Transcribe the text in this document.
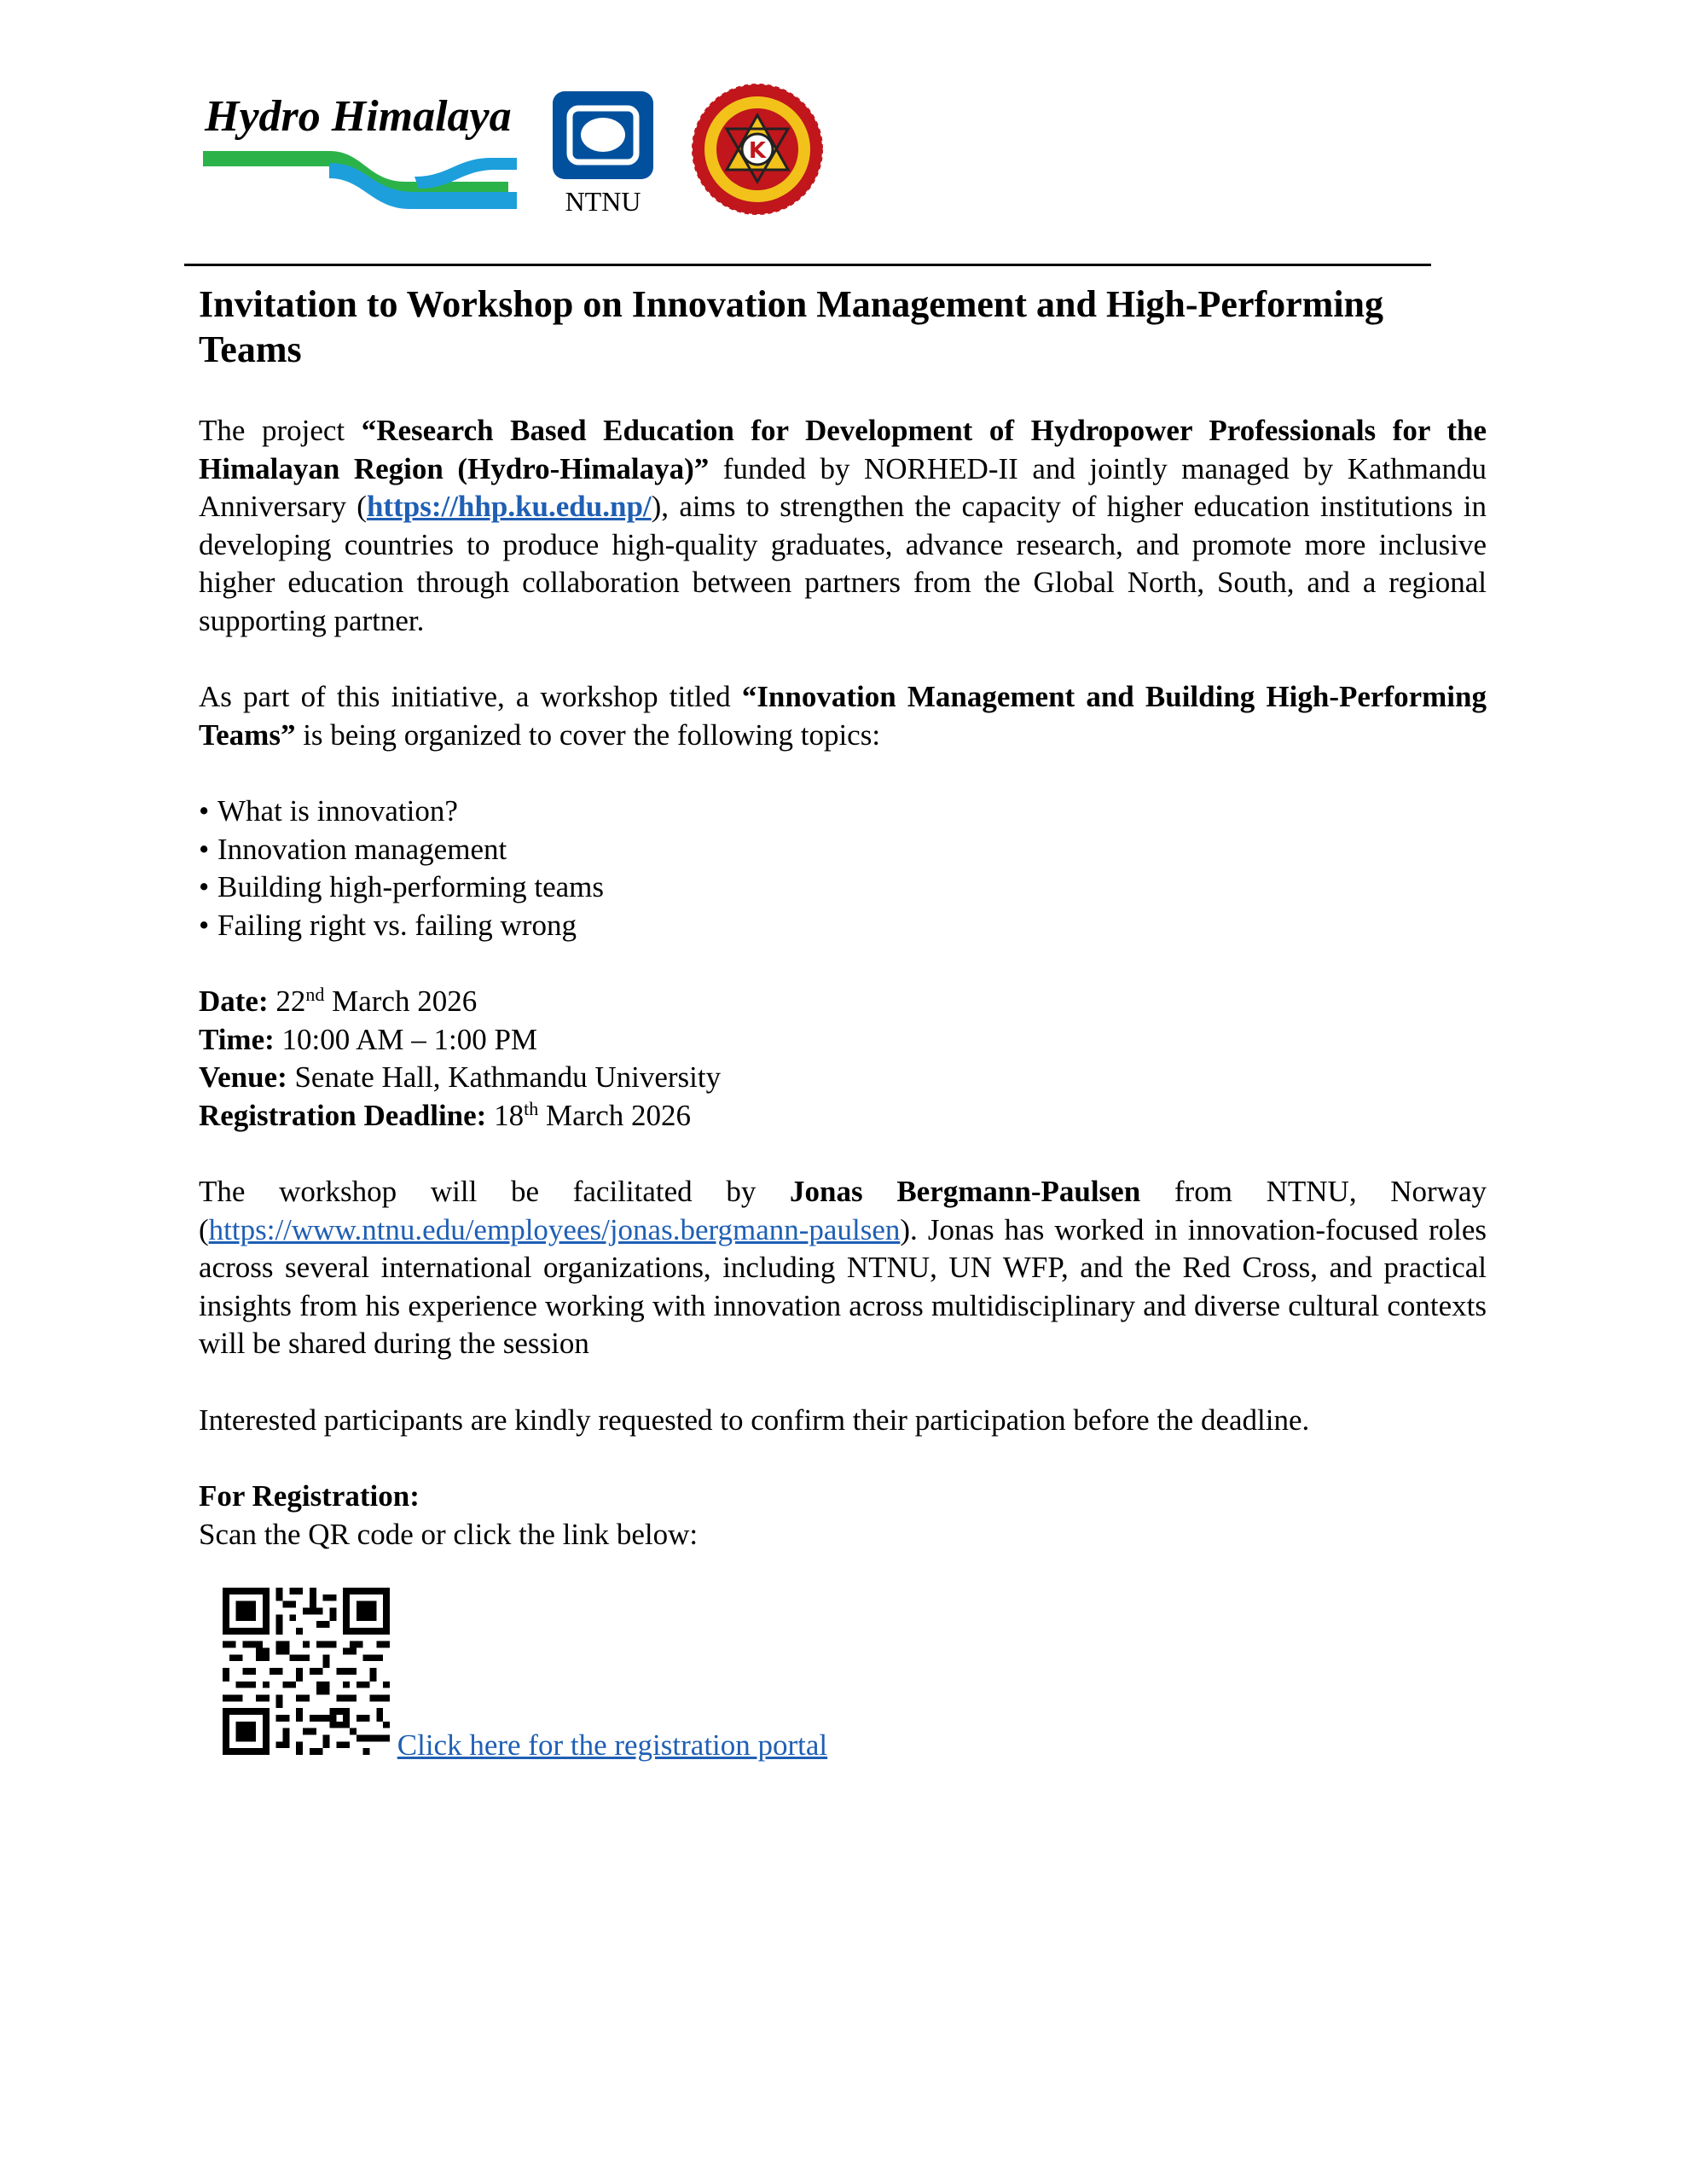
Hydro Himalaya
NTNU
K
Invitation to Workshop on Innovation Management and High-Performing Teams

The project “Research Based Education for Development of Hydropower Professionals for the Himalayan Region (Hydro-Himalaya)” funded by NORHED-II and jointly managed by Kathmandu Anniversary (https://hhp.ku.edu.np/), aims to strengthen the capacity of higher education institutions in developing countries to produce high-quality graduates, advance research, and promote more inclusive higher education through collaboration between partners from the Global North, South, and a regional supporting partner.

As part of this initiative, a workshop titled “Innovation Management and Building High-Performing Teams” is being organized to cover the following topics:

• What is innovation?
• Innovation management
• Building high-performing teams
• Failing right vs. failing wrong

Date: 22nd March 2026

Time: 10:00 AM – 1:00 PM

Venue: Senate Hall, Kathmandu University

Registration Deadline: 18th March 2026

The workshop will be facilitated by Jonas Bergmann-Paulsen from NTNU, Norway (https://www.ntnu.edu/employees/jonas.bergmann-paulsen). Jonas has worked in innovation-focused roles across several international organizations, including NTNU, UN WFP, and the Red Cross, and practical insights from his experience working with innovation across multidisciplinary and diverse cultural contexts will be shared during the session

Interested participants are kindly requested to confirm their participation before the deadline.

For Registration:

Scan the QR code or click the link below:

Click here for the registration portal
